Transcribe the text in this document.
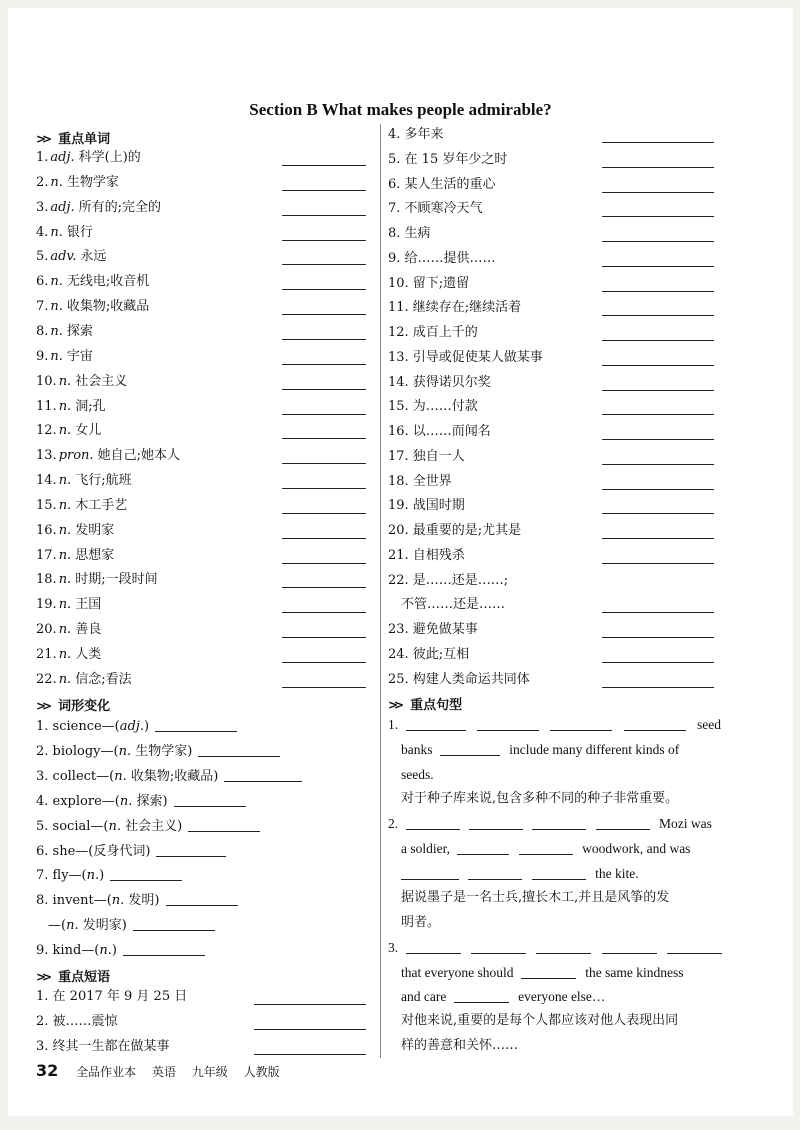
Section B What makes people admirable?
>> 重点单词
1. adj. 科学(上)的
2. n. 生物学家
3. adj. 所有的;完全的
4. n. 银行
5. adv. 永远
6. n. 无线电;收音机
7. n. 收集物;收藏品
8. n. 探索
9. n. 宇宙
10. n. 社会主义
11. n. 洞;孔
12. n. 女儿
13. pron. 她自己;她本人
14. n. 飞行;航班
15. n. 木工手艺
16. n. 发明家
17. n. 思想家
18. n. 时期;一段时间
19. n. 王国
20. n. 善良
21. n. 人类
22. n. 信念;看法
>> 词形变化
1. science—(adj.)
2. biology—(n. 生物学家)
3. collect—(n. 收集物;收藏品)
4. explore—(n. 探索)
5. social—(n. 社会主义)
6. she—(反身代词)
7. fly—(n.)
8. invent—(n. 发明)
—(n. 发明家)
9. kind—(n.)
>> 重点短语
1. 在 2017 年 9 月 25 日
2. 被……震惊
3. 终其一生都在做某事
4. 多年来
5. 在 15 岁年少之时
6. 某人生活的重心
7. 不顾寒冷天气
8. 生病
9. 给……提供……
10. 留下;遗留
11. 继续存在;继续活着
12. 成百上千的
13. 引导或促使某人做某事
14. 获得诺贝尔奖
15. 为……付款
16. 以……而闻名
17. 独自一人
18. 全世界
19. 战国时期
20. 最重要的是;尤其是
21. 自相残杀
22. 是……还是……;
不管……还是……
23. 避免做某事
24. 彼此;互相
25. 构建人类命运共同体
>> 重点句型
1.	seed
banks	include many different kinds of
seeds.
对于种子库来说,包含多种不同的种子非常重要。
2.	Mozi was
a soldier,	woodwork, and was
the kite.
据说墨子是一名士兵,擅长木工,并且是风筝的发
明者。
3.
that everyone should	the same kindness
and care	everyone else…
对他来说,重要的是每个人都应该对他人表现出同
样的善意和关怀……
32 全品作业本 英语 九年级 人教版
